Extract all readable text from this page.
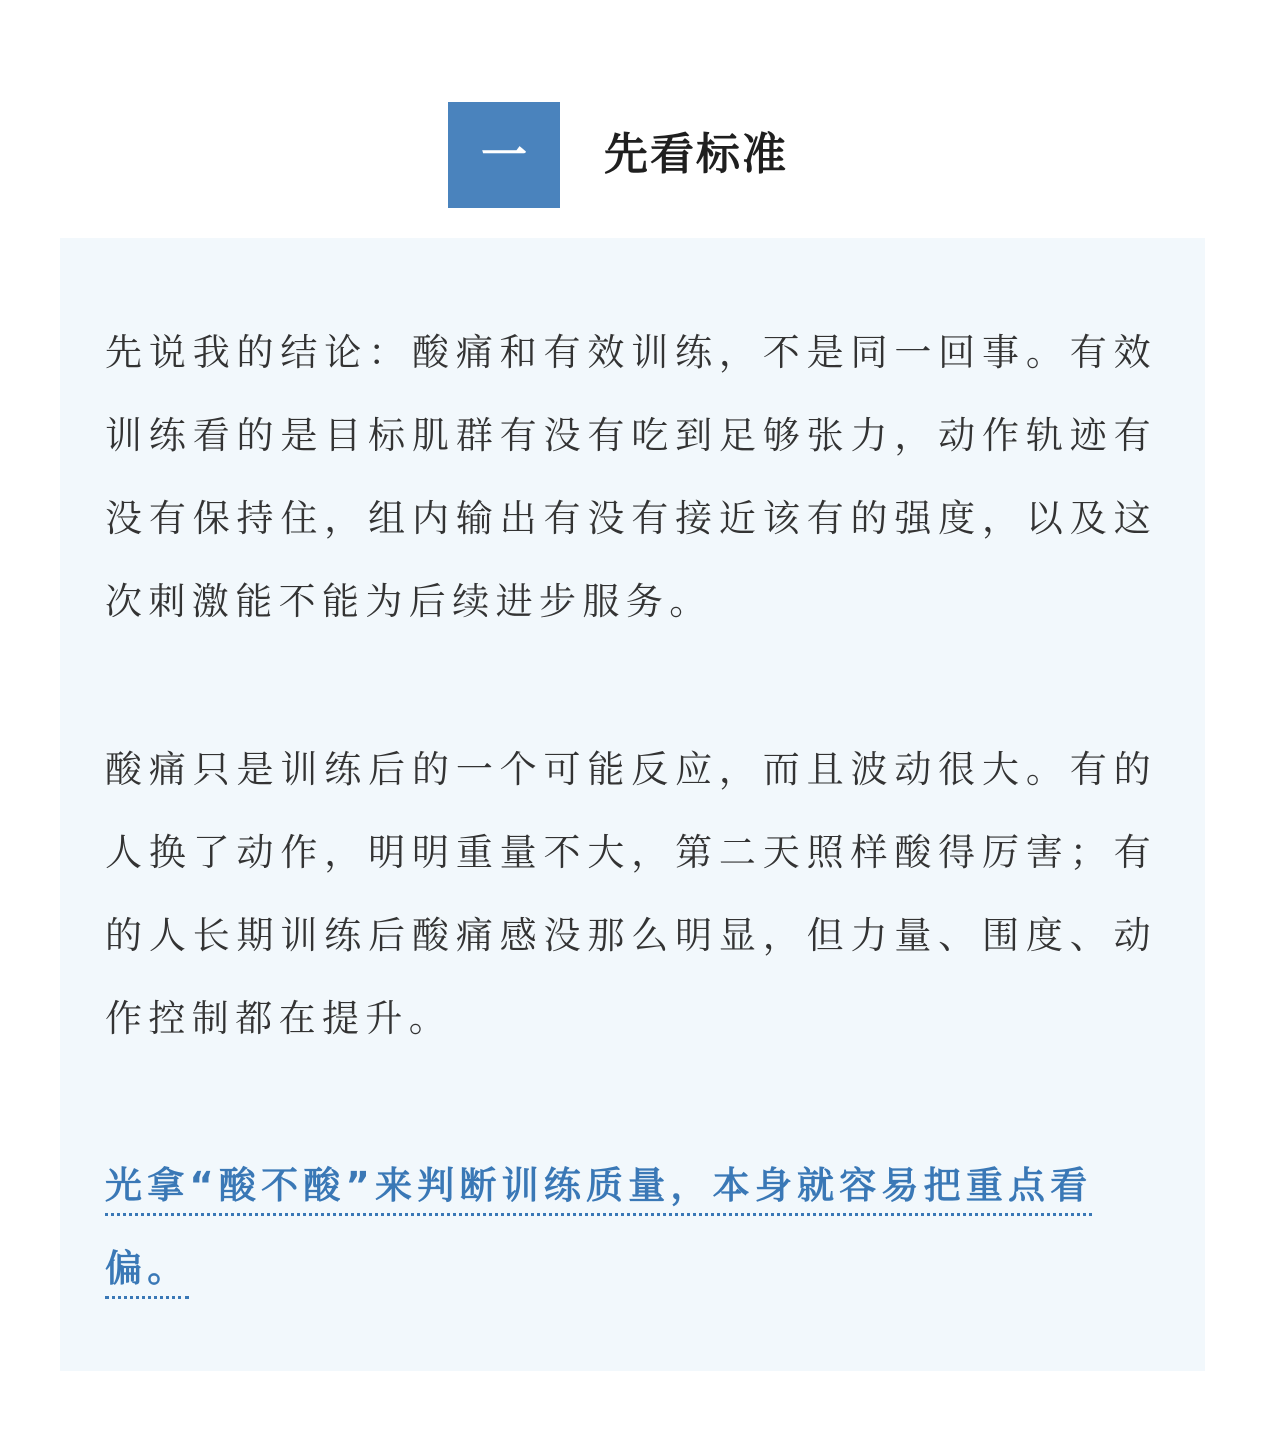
一	先看标准

先说我的结论：酸痛和有效训练，不是同一回事。有效训练看的是目标肌群有没有吃到足够张力，动作轨迹有没有保持住，组内输出有没有接近该有的强度，以及这次刺激能不能为后续进步服务。

酸痛只是训练后的一个可能反应，而且波动很大。有的人换了动作，明明重量不大，第二天照样酸得厉害；有的人长期训练后酸痛感没那么明显，但力量、围度、动作控制都在提升。

光拿“酸不酸”来判断训练质量，本身就容易把重点看偏。
